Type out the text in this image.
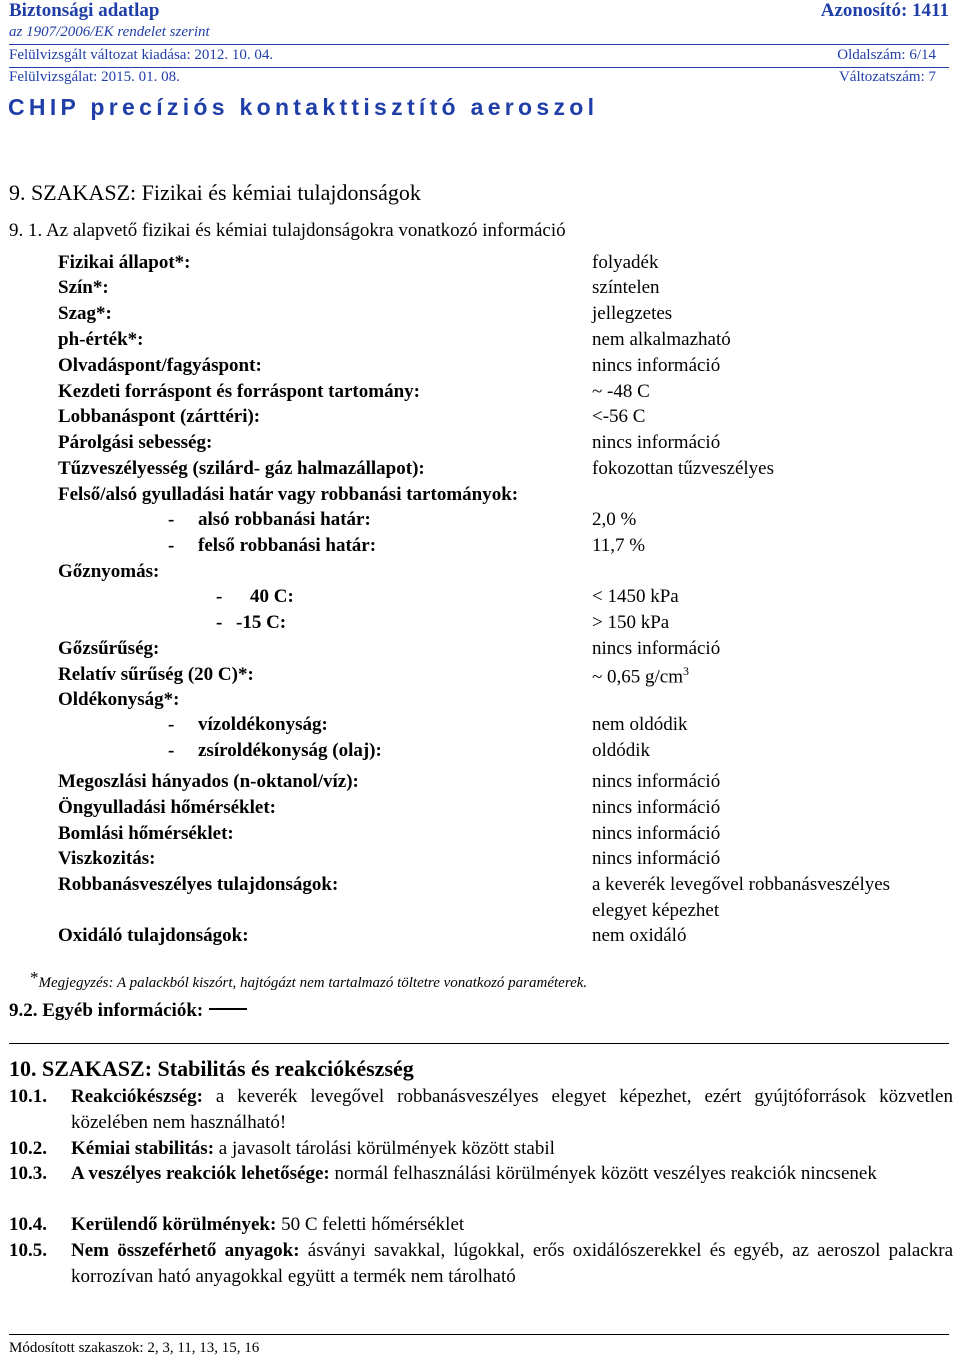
Biztonsági adatlap	Azonosító: 1411
az 1907/2006/EK rendelet szerint
Felülvizsgált változat kiadása: 2012. 10. 04.	Oldalszám: 6/14
Felülvizsgálat: 2015. 01. 08.	Változatszám: 7
CHIP precíziós kontakttisztító aeroszol
9. SZAKASZ: Fizikai és kémiai tulajdonságok
9. 1. Az alapvető fizikai és kémiai tulajdonságokra vonatkozó információ
Fizikai állapot*:	folyadék
Szín*:	színtelen
Szag*:	jellegzetes
ph-érték*:	nem alkalmazható
Olvadáspont/fagyáspont:	nincs információ
Kezdeti forráspont és forráspont tartomány:	~ -48 C
Lobbanáspont (zárttéri):	<-56 C
Párolgási sebesség:	nincs információ
Tűzveszélyesség (szilárd- gáz halmazállapot):	fokozottan tűzveszélyes
Felső/alsó gyulladási határ vagy robbanási tartományok:
- alsó robbanási határ:	2,0 %
- felső robbanási határ:	11,7 %
Gőznyomás:
- 40 C:	< 1450 kPa
- -15 C:	> 150 kPa
Gőzsűrűség:	nincs információ
Relatív sűrűség (20 C)*:	~ 0,65 $g/cm^3$
Oldékonyság*:
- vízoldékonyság:	nem oldódik
- zsíroldékonyság (olaj):	oldódik
Megoszlási hányados (n-oktanol/víz):	nincs információ
Öngyulladási hőmérséklet:	nincs információ
Bomlási hőmérséklet:	nincs információ
Viszkozitás:	nincs információ
Robbanásveszélyes tulajdonságok:	a keverék levegővel robbanásveszélyes
elegyet képezhet
Oxidáló tulajdonságok:	nem oxidáló
*Megjegyzés: A palackból kiszórt, hajtógázt nem tartalmazó töltetre vonatkozó paraméterek.
9.2. Egyéb információk:
10. SZAKASZ: Stabilitás és reakciókészség
10.1. Reakciókészség: a keverék levegővel robbanásveszélyes elegyet képezhet, ezért gyújtóforrások közvetlen közelében nem használható!
10.2. Kémiai stabilitás: a javasolt tárolási körülmények között stabil
10.3. A veszélyes reakciók lehetősége: normál felhasználási körülmények között veszélyes reakciók nincsenek
10.4. Kerülendő körülmények: 50 C feletti hőmérséklet
10.5. Nem összeférhető anyagok: ásványi savakkal, lúgokkal, erős oxidálószerekkel és egyéb, az aeroszol palackra korrozívan ható anyagokkal együtt a termék nem tárolható
Módosított szakaszok: 2, 3, 11, 13, 15, 16
